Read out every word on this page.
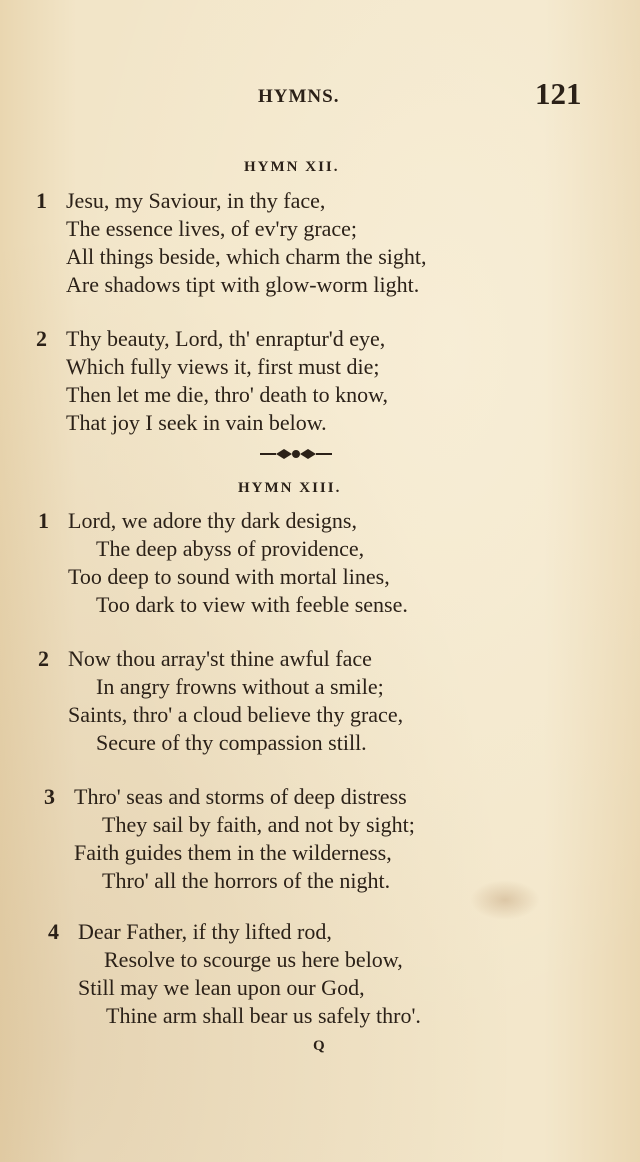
HYMNS.	121
HYMN XII.
1 Jesu, my Saviour, in thy face,
The essence lives, of ev'ry grace;
All things beside, which charm the sight,
Are shadows tipt with glow-worm light.
2 Thy beauty, Lord, th' enraptur'd eye,
Which fully views it, first must die;
Then let me die, thro' death to know,
That joy I seek in vain below.
HYMN XIII.
1 Lord, we adore thy dark designs,
The deep abyss of providence,
Too deep to sound with mortal lines,
Too dark to view with feeble sense.
2 Now thou array'st thine awful face
In angry frowns without a smile;
Saints, thro' a cloud believe thy grace,
Secure of thy compassion still.
3 Thro' seas and storms of deep distress
They sail by faith, and not by sight;
Faith guides them in the wilderness,
Thro' all the horrors of the night.
4 Dear Father, if thy lifted rod,
Resolve to scourge us here below,
Still may we lean upon our God,
Thine arm shall bear us safely thro'.
Q
